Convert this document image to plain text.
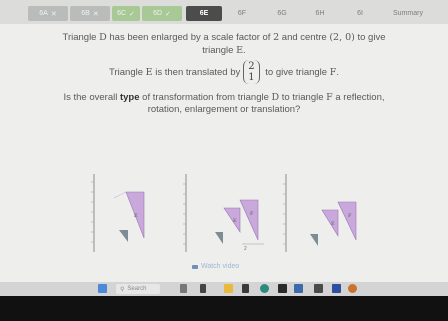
6A ✕	6B ✕	6C ✓	6D ✓	6E	6F	6G	6H	6I	Summary
Triangle D has been enlarged by a scale factor of 2 and centre (2, 0) to give
triangle E.
Triangle E is then translated by
2
1 to give triangle F.
Is the overall type of transformation from triangle D to triangle F a reflection,
rotation, enlargement or translation?
E
E
F
2
E
F
Watch video
⚲ Search
